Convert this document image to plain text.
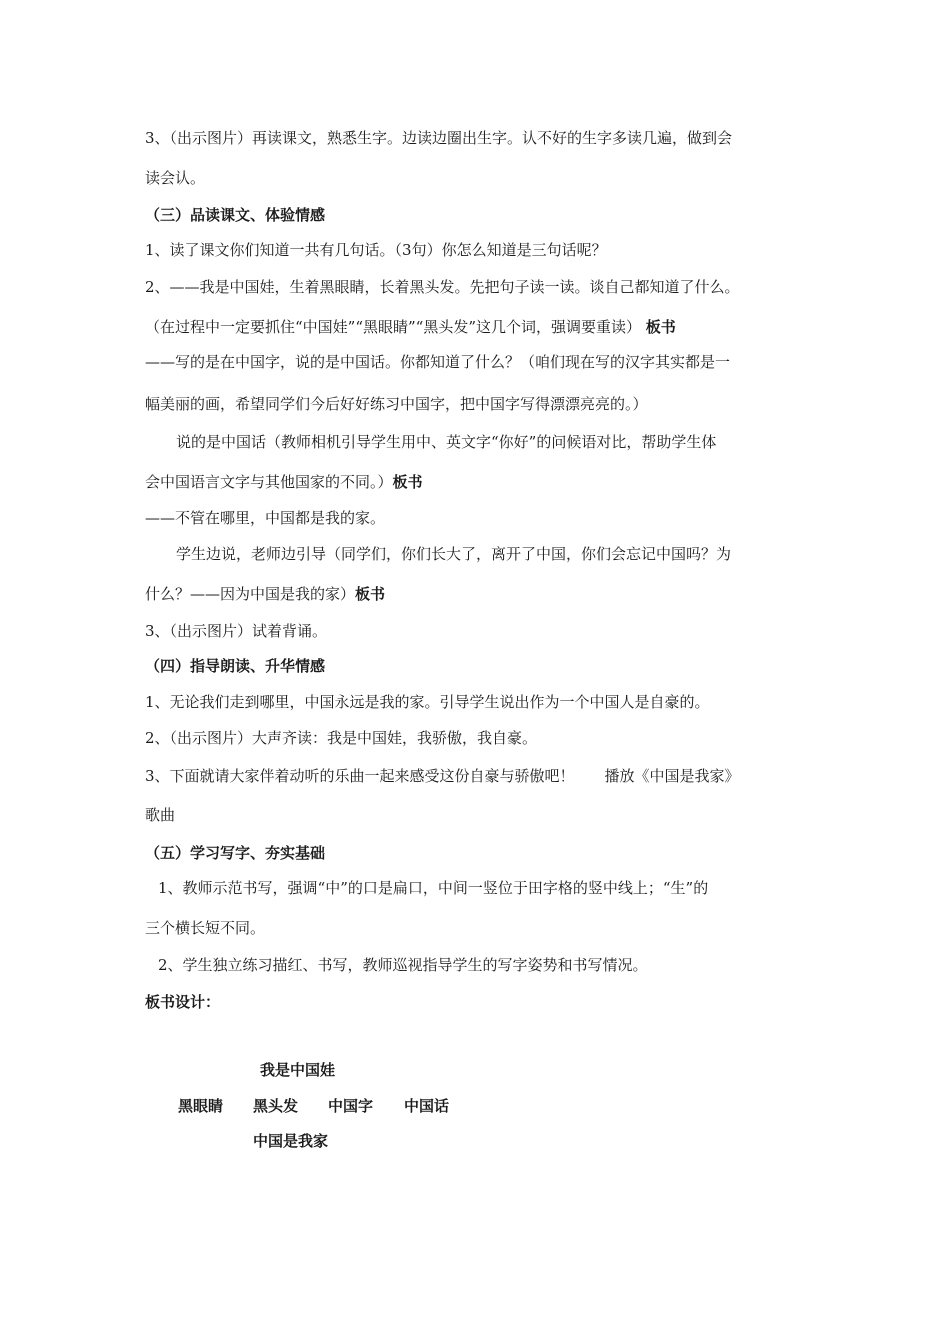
3、（出示图片）再读课文，熟悉生字。边读边圈出生字。认不好的生字多读几遍，做到会
读会认。
（三）品读课文、体验情感
1、读了课文你们知道一共有几句话。（3句）你怎么知道是三句话呢？
2、——我是中国娃，生着黑眼睛，长着黑头发。先把句子读一读。谈自己都知道了什么。
（在过程中一定要抓住“中国娃”“黑眼睛”“黑头发”这几个词，强调要重读） 板书
——写的是在中国字，说的是中国话。你都知道了什么？（咱们现在写的汉字其实都是一
幅美丽的画，希望同学们今后好好练习中国字，把中国字写得漂漂亮亮的。）
说的是中国话（教师相机引导学生用中、英文字“你好”的问候语对比，帮助学生体
会中国语言文字与其他国家的不同。）板书
——不管在哪里，中国都是我的家。
学生边说，老师边引导（同学们，你们长大了，离开了中国，你们会忘记中国吗？为
什么？——因为中国是我的家）板书
3、（出示图片）试着背诵。
（四）指导朗读、升华情感
1、无论我们走到哪里，中国永远是我的家。引导学生说出作为一个中国人是自豪的。
2、（出示图片）大声齐读：我是中国娃，我骄傲，我自豪。
3、下面就请大家伴着动听的乐曲一起来感受这份自豪与骄傲吧！　　播放《中国是我家》
歌曲
（五）学习写字、夯实基础
1、教师示范书写，强调“中”的口是扁口，中间一竖位于田字格的竖中线上；“生”的
三个横长短不同。
2、学生独立练习描红、书写，教师巡视指导学生的写字姿势和书写情况。
板书设计：
我是中国娃
黑眼睛 黑头发 中国字 中国话
中国是我家
